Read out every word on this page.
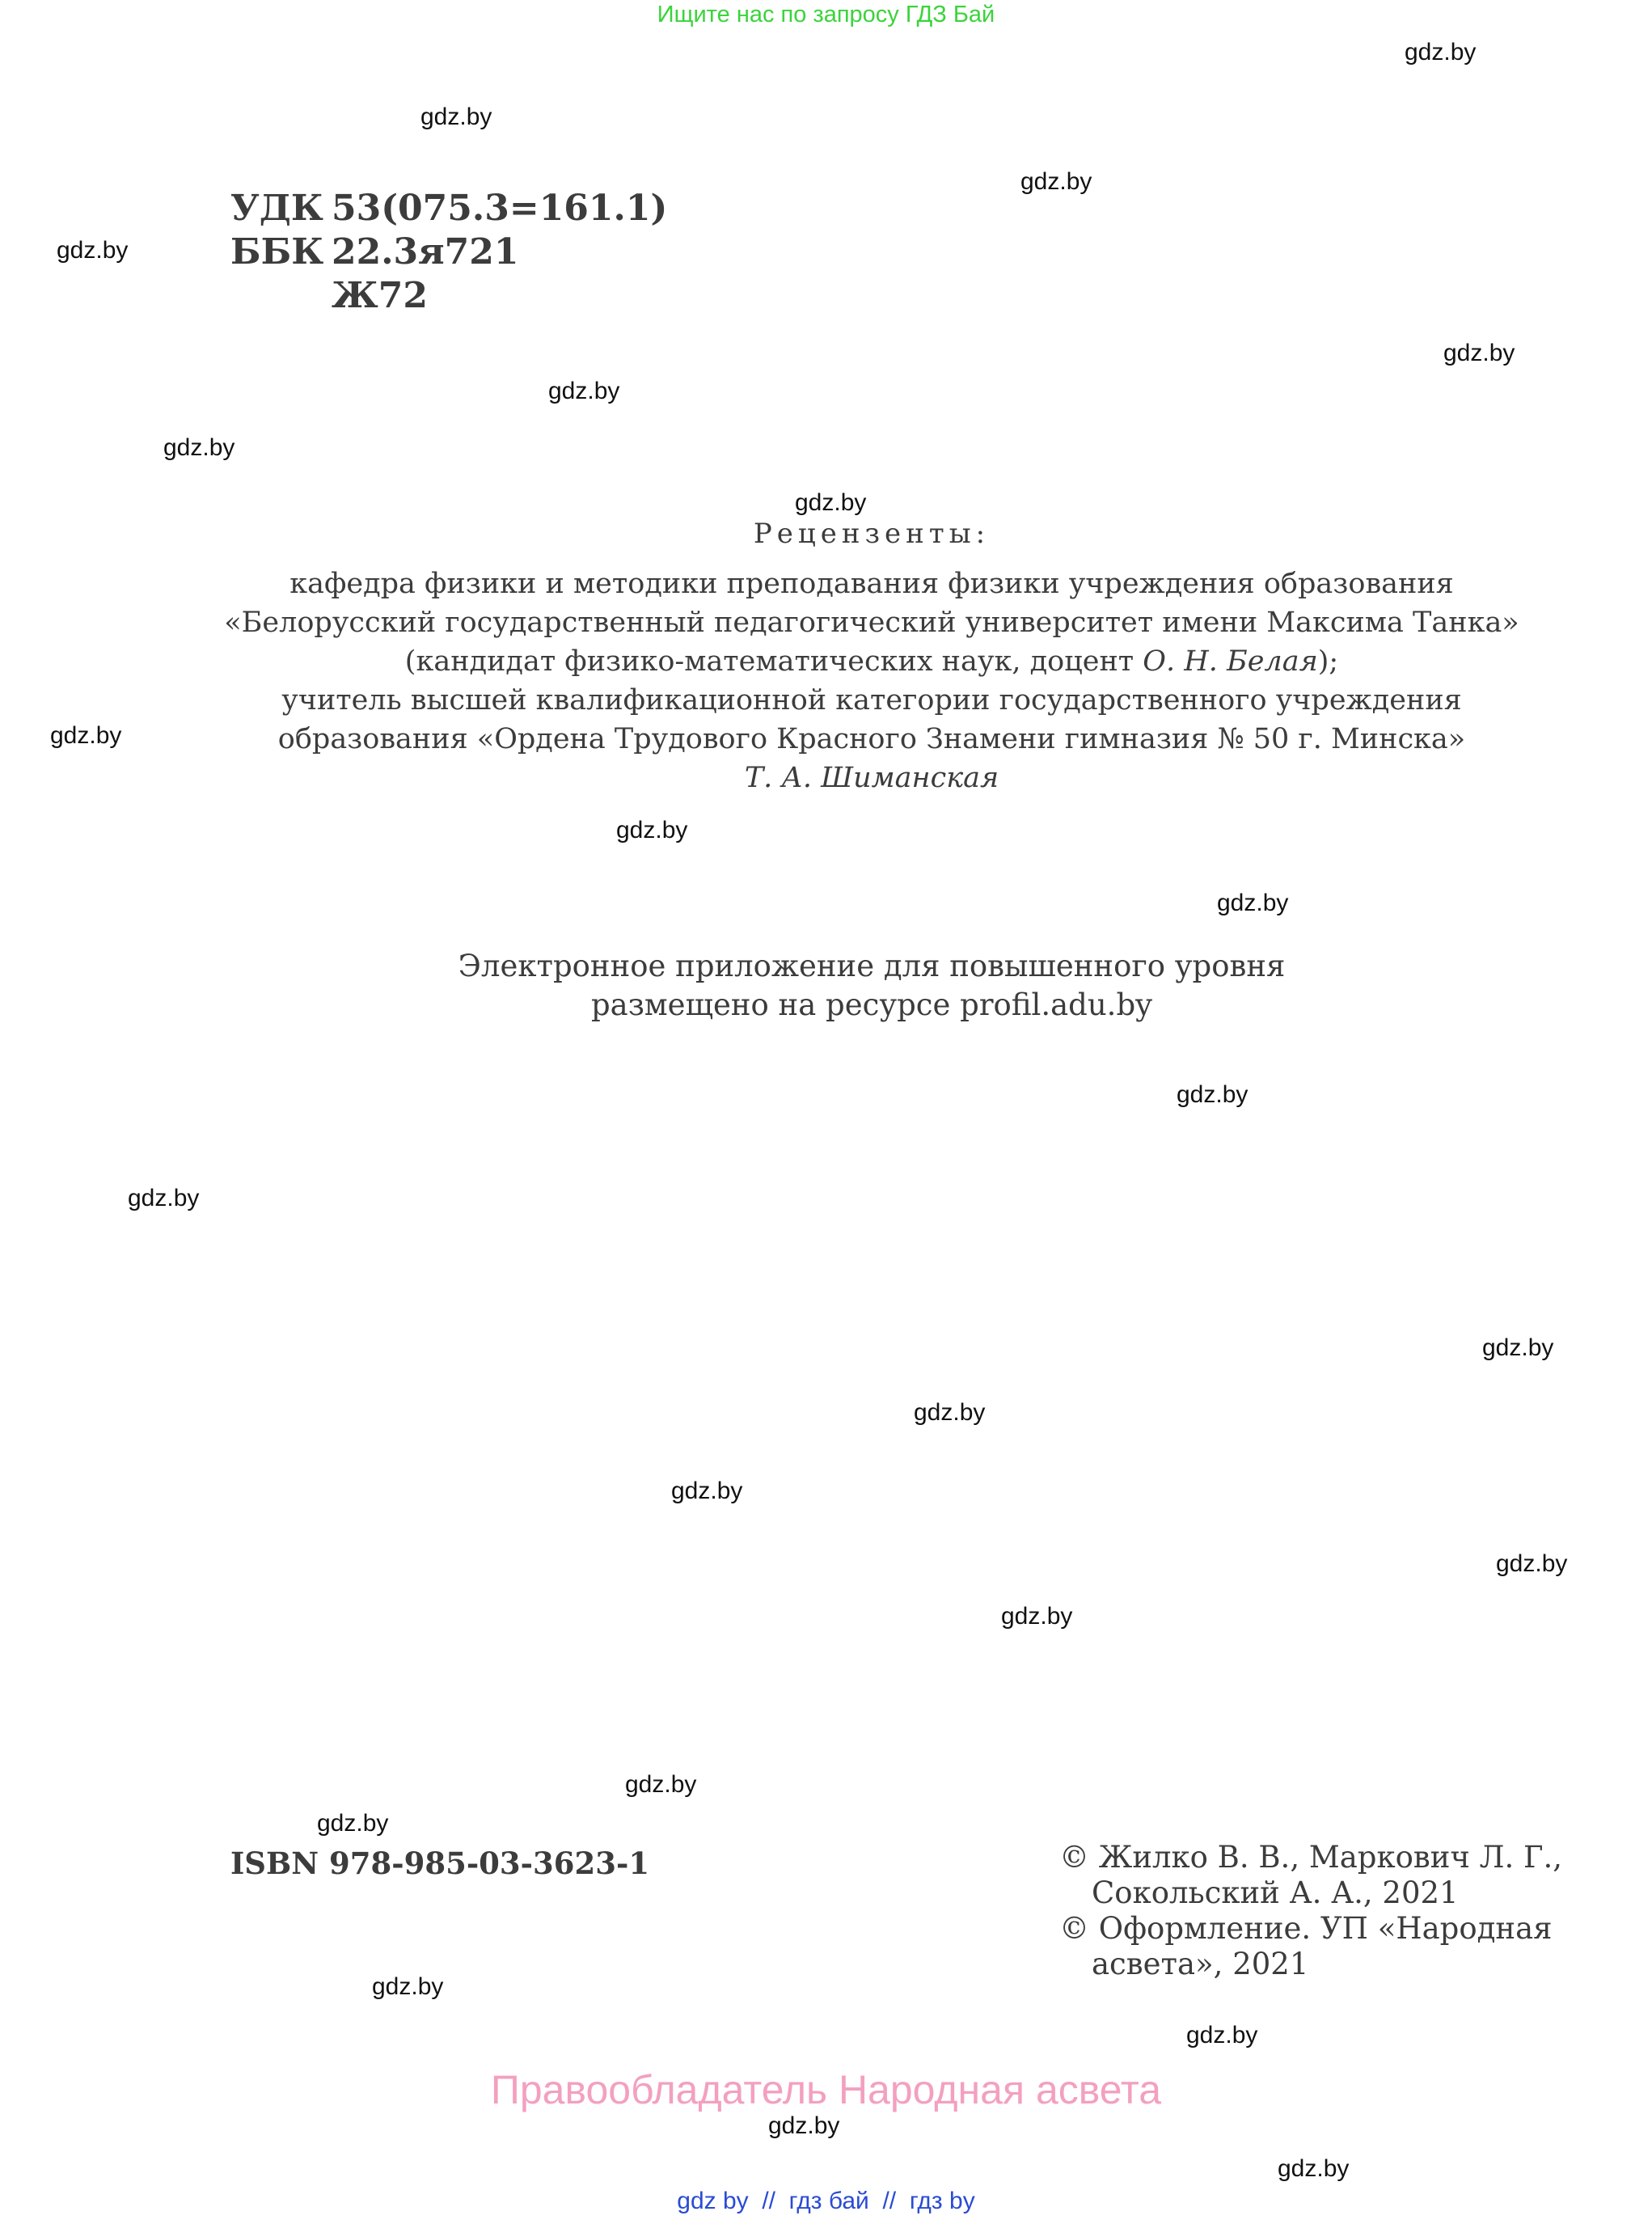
Ищите нас по запросу ГДЗ Бай
gdz.by
gdz.by
gdz.by
gdz.by
gdz.by
gdz.by
gdz.by
gdz.by
gdz.by
gdz.by
gdz.by
gdz.by
gdz.by
gdz.by
gdz.by
gdz.by
gdz.by
gdz.by
gdz.by
gdz.by
gdz.by
gdz.by
gdz.by
gdz.by
УДК 53(075.3=161.1)
ББК 22.3я721
Ж72
Рецензенты:
кафедра физики и методики преподавания физики учреждения образования
«Белорусский государственный педагогический университет имени Максима Танка»
(кандидат физико-математических наук, доцент О. Н. Белая);
учитель высшей квалификационной категории государственного учреждения
образования «Ордена Трудового Красного Знамени гимназия № 50 г. Минска»
Т. А. Шиманская
Электронное приложение для повышенного уровня
размещено на ресурсе profil.adu.by
ISBN 978-985-03-3623-1	© Жилко В. В., Маркович Л. Г.,
Сокольский А. А., 2021
© Оформление. УП «Народная
асвета», 2021
Правообладатель Народная асвета
gdz by  //  гдз бай  //  гдз by
